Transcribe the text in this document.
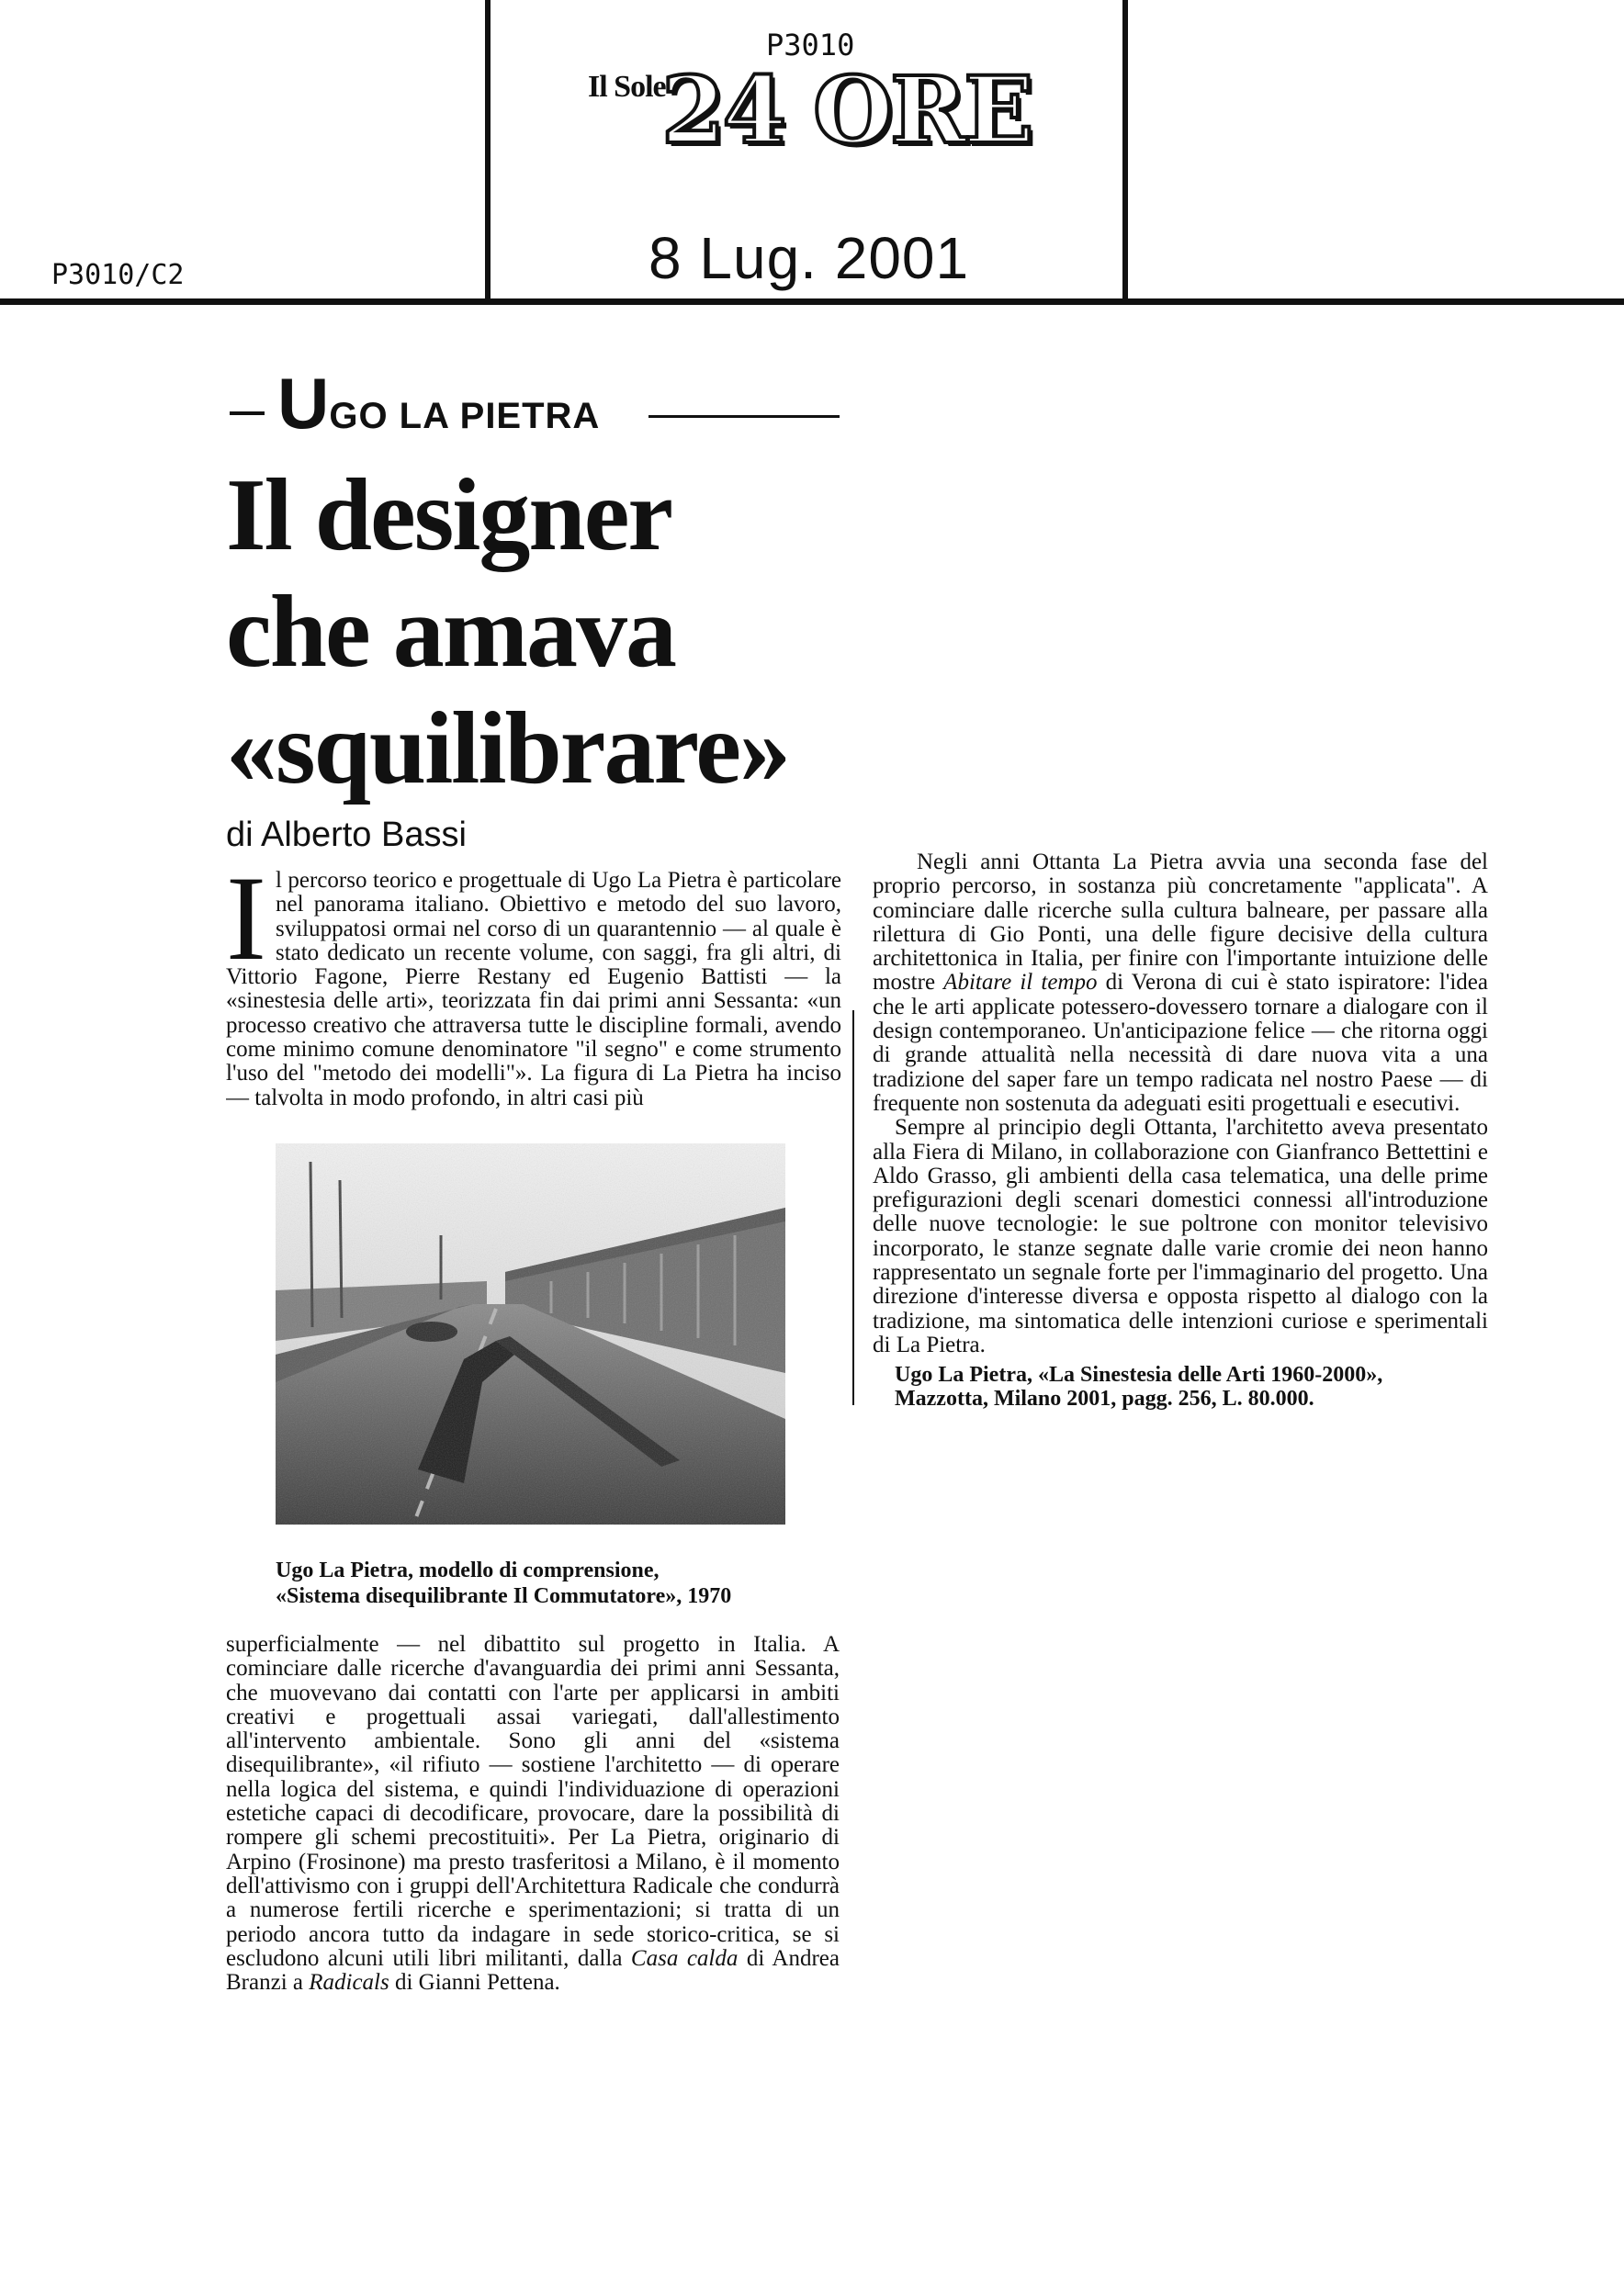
P3010
Il Sole
24 ORE
P3010/C2	8 Lug. 2001
UGO LA PIETRA
Il designer
che amava
«squilibrare»
di Alberto Bassi
Il percorso teorico e progettuale di Ugo La Pietra è particolare nel panorama italiano. Obiettivo e metodo del suo lavoro, sviluppatosi ormai nel corso di un quarantennio — al quale è stato dedicato un recente volume, con saggi, fra gli altri, di Vittorio Fagone, Pierre Restany ed Eugenio Battisti — la «sinestesia delle arti», teorizzata fin dai primi anni Sessanta: «un processo creativo che attraversa tutte le discipline formali, avendo come minimo comune denominatore "il segno" e come strumento l'uso del "metodo dei modelli"». La figura di La Pietra ha inciso — talvolta in modo profondo, in altri casi più
Ugo La Pietra, modello di comprensione,
«Sistema disequilibrante Il Commutatore», 1970
superficialmente — nel dibattito sul progetto in Italia. A cominciare dalle ricerche d'avanguardia dei primi anni Sessanta, che muovevano dai contatti con l'arte per applicarsi in ambiti creativi e progettuali assai variegati, dall'allestimento all'intervento ambientale. Sono gli anni del «sistema disequilibrante», «il rifiuto — sostiene l'architetto — di operare nella logica del sistema, e quindi l'individuazione di operazioni estetiche capaci di decodificare, provocare, dare la possibilità di rompere gli schemi precostituiti». Per La Pietra, originario di Arpino (Frosinone) ma presto trasferitosi a Milano, è il momento dell'attivismo con i gruppi dell'Architettura Radicale che condurrà a numerose fertili ricerche e sperimentazioni; si tratta di un periodo ancora tutto da indagare in sede storico-critica, se si escludono alcuni utili libri militanti, dalla Casa calda di Andrea Branzi a Radicals di Gianni Pettena.
Negli anni Ottanta La Pietra avvia una seconda fase del proprio percorso, in sostanza più concretamente "applicata". A cominciare dalle ricerche sulla cultura balneare, per passare alla rilettura di Gio Ponti, una delle figure decisive della cultura architettonica in Italia, per finire con l'importante intuizione delle mostre Abitare il tempo di Verona di cui è stato ispiratore: l'idea che le arti applicate potessero-dovessero tornare a dialogare con il design contemporaneo. Un'anticipazione felice — che ritorna oggi di grande attualità nella necessità di dare nuova vita a una tradizione del saper fare un tempo radicata nel nostro Paese — di frequente non sostenuta da adeguati esiti progettuali e esecutivi.
Sempre al principio degli Ottanta, l'architetto aveva presentato alla Fiera di Milano, in collaborazione con Gianfranco Bettettini e Aldo Grasso, gli ambienti della casa telematica, una delle prime prefigurazioni degli scenari domestici connessi all'introduzione delle nuove tecnologie: le sue poltrone con monitor televisivo incorporato, le stanze segnate dalle varie cromie dei neon hanno rappresentato un segnale forte per l'immaginario del progetto. Una direzione d'interesse diversa e opposta rispetto al dialogo con la tradizione, ma sintomatica delle intenzioni curiose e sperimentali di La Pietra.
Ugo La Pietra, «La Sinestesia delle Arti 1960-2000»,
Mazzotta, Milano 2001, pagg. 256, L. 80.000.
